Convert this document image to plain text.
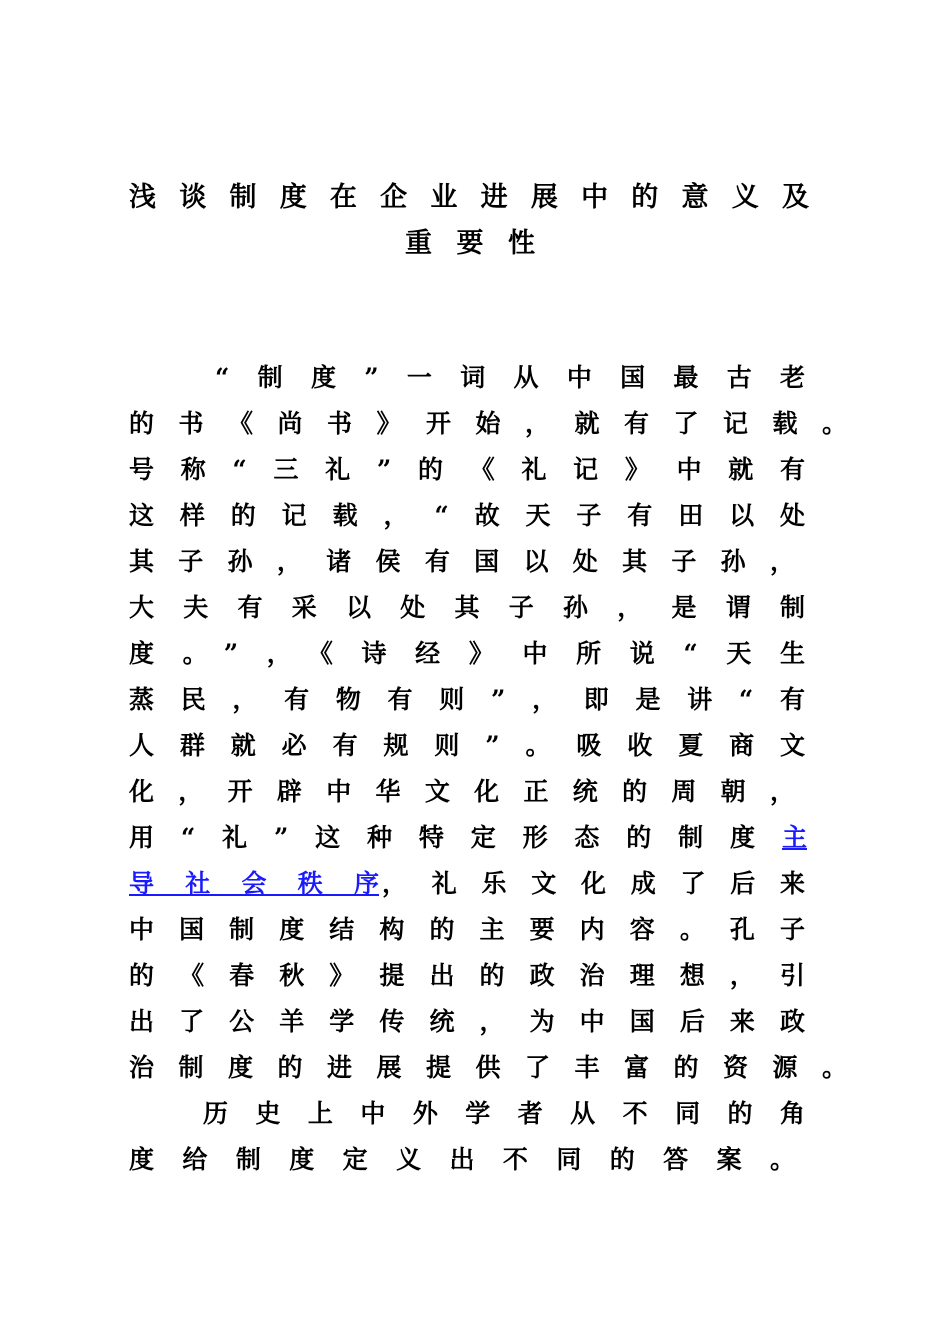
浅谈制度在企业进展中的意义及
重要性
“制度”一词从中国最古老
的书《尚书》开始，就有了记载。
号称“三礼”的《礼记》中就有
这样的记载，“故天子有田以处
其子孙，诸侯有国以处其子孙，
大夫有采以处其子孙，是谓制
度。”，《诗经》中所说“天生
蒸民，有物有则”，即是讲“有
人群就必有规则”。吸收夏商文
化，开辟中华文化正统的周朝，
用“礼”这种特定形态的制度 主
导社会秩序 ，礼乐文化成了后来
中国制度结构的主要内容。孔子
的《春秋》提出的政治理想，引
出了公羊学传统，为中国后来政
治制度的进展提供了丰富的资源。
历史上中外学者从不同的角
度给制度定义出不同的答案。
